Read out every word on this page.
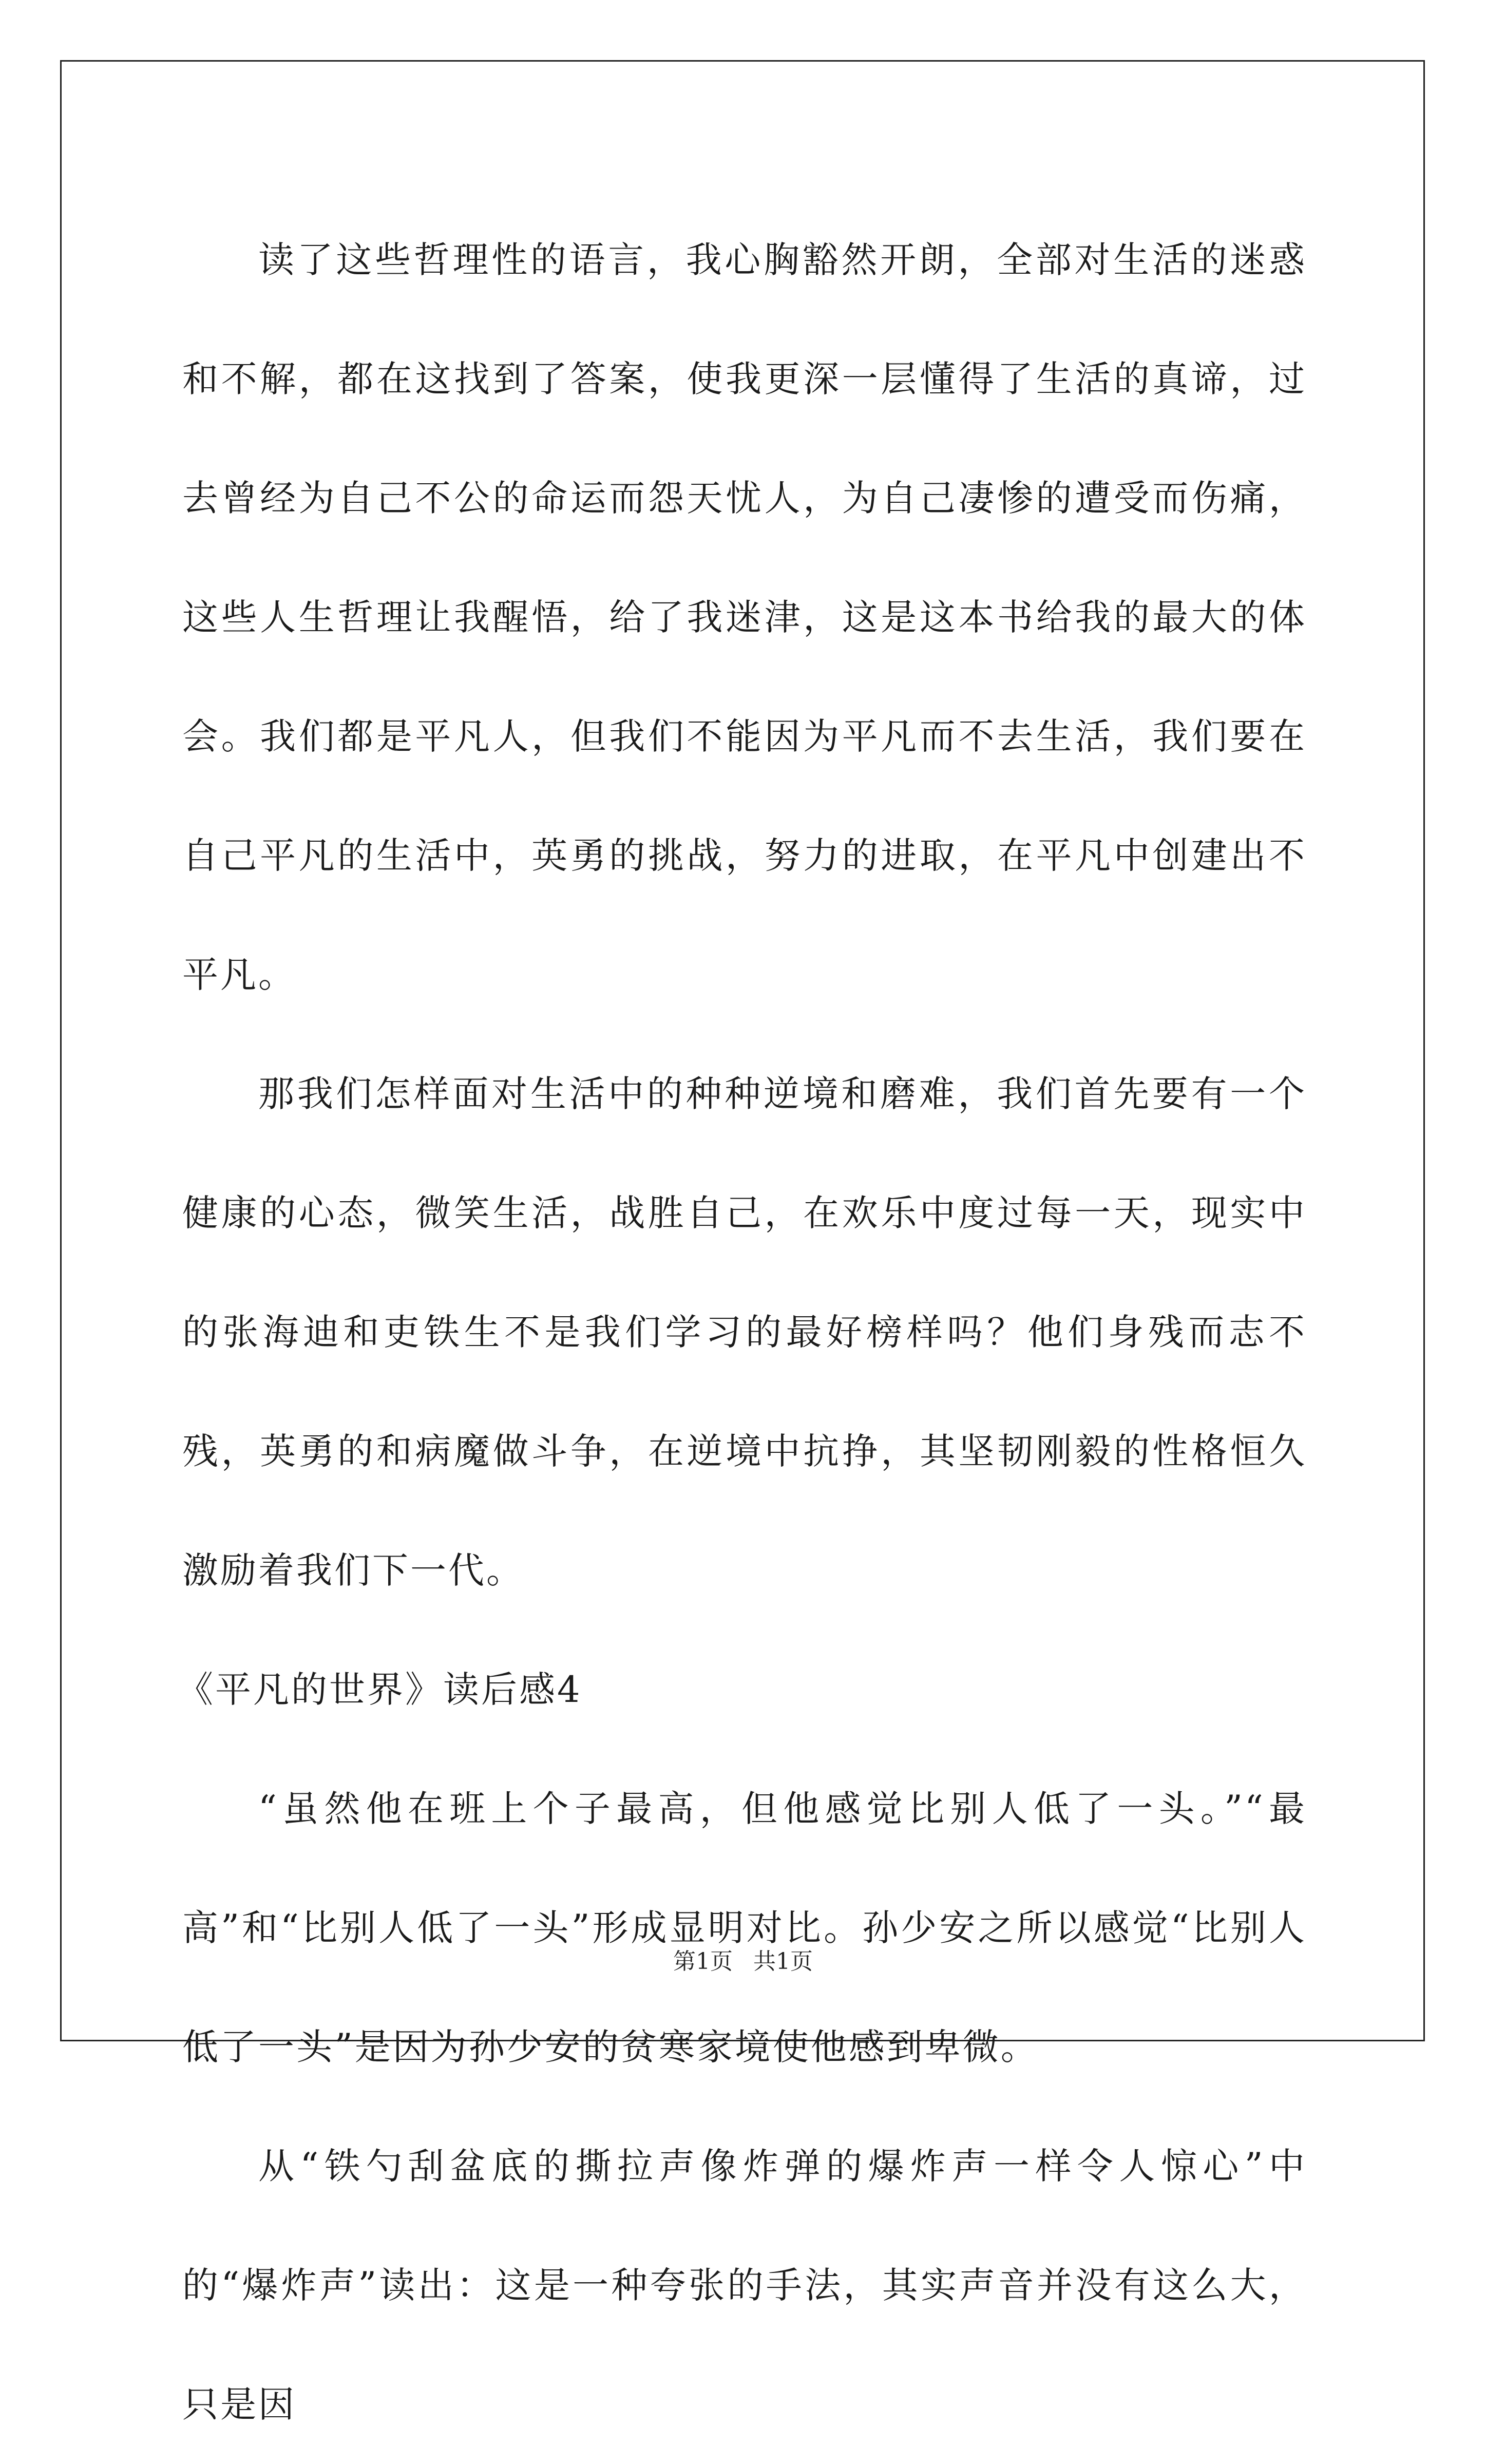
读了这些哲理性的语言，我心胸豁然开朗，全部对生活的迷惑和不解，都在这找到了答案，使我更深一层懂得了生活的真谛，过去曾经为自己不公的命运而怨天忧人，为自己凄惨的遭受而伤痛，这些人生哲理让我醒悟，给了我迷津，这是这本书给我的最大的体会。我们都是平凡人，但我们不能因为平凡而不去生活，我们要在自己平凡的生活中，英勇的挑战，努力的进取，在平凡中创建出不平凡。

那我们怎样面对生活中的种种逆境和磨难，我们首先要有一个健康的心态，微笑生活，战胜自己，在欢乐中度过每一天，现实中的张海迪和吏铁生不是我们学习的最好榜样吗？他们身残而志不残，英勇的和病魔做斗争，在逆境中抗挣，其坚韧刚毅的性格恒久激励着我们下一代。

《平凡的世界》读后感4

“虽然他在班上个子最高，但他感觉比别人低了一头。”“最高”和“比别人低了一头”形成显明对比。孙少安之所以感觉“比别人低了一头”是因为孙少安的贫寒家境使他感到卑微。

从“铁勺刮盆底的撕拉声像炸弹的爆炸声一样令人惊心”中的“爆炸声”读出：这是一种夸张的手法，其实声音并没有这么大，只是因

第1页 共1页
